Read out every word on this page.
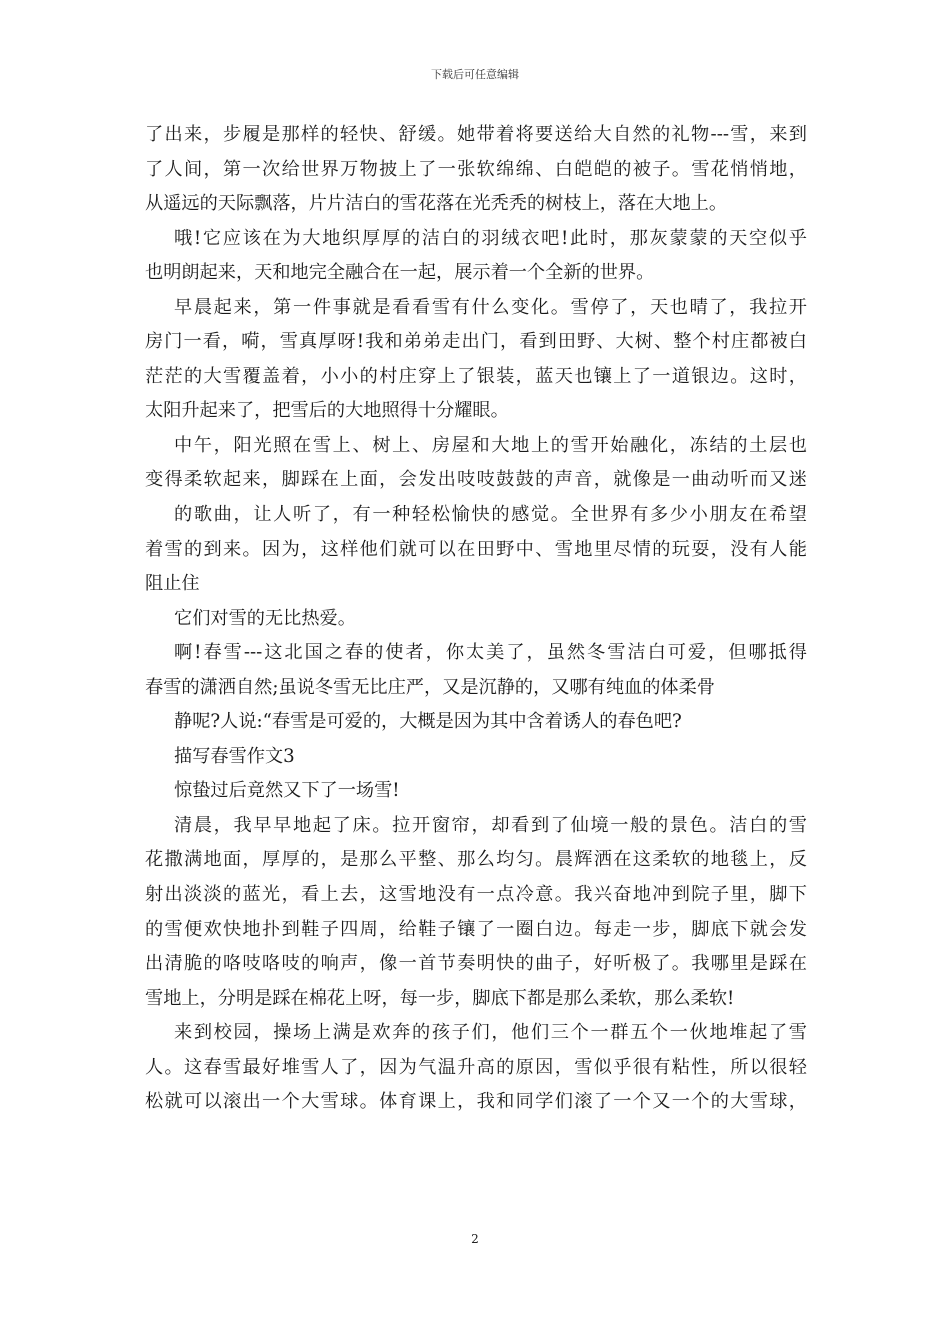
下载后可任意编辑
了出来，步履是那样的轻快、舒缓。她带着将要送给大自然的礼物---雪，来到
了人间，第一次给世界万物披上了一张软绵绵、白皑皑的被子。雪花悄悄地，
从遥远的天际飘落，片片洁白的雪花落在光秃秃的树枝上，落在大地上。
哦!它应该在为大地织厚厚的洁白的羽绒衣吧!此时，那灰蒙蒙的天空似乎
也明朗起来，天和地完全融合在一起，展示着一个全新的世界。
早晨起来，第一件事就是看看雪有什么变化。雪停了，天也晴了，我拉开
房门一看，嗬，雪真厚呀!我和弟弟走出门，看到田野、大树、整个村庄都被白
茫茫的大雪覆盖着，小小的村庄穿上了银装，蓝天也镶上了一道银边。这时，
太阳升起来了，把雪后的大地照得十分耀眼。
中午，阳光照在雪上、树上、房屋和大地上的雪开始融化，冻结的土层也
变得柔软起来，脚踩在上面，会发出吱吱鼓鼓的声音，就像是一曲动听而又迷
的歌曲，让人听了，有一种轻松愉快的感觉。全世界有多少小朋友在希望
着雪的到来。因为，这样他们就可以在田野中、雪地里尽情的玩耍，没有人能
阻止住
它们对雪的无比热爱。
啊!春雪---这北国之春的使者，你太美了，虽然冬雪洁白可爱，但哪抵得
春雪的潇洒自然;虽说冬雪无比庄严，又是沉静的，又哪有纯血的体柔骨
静呢?人说:“春雪是可爱的，大概是因为其中含着诱人的春色吧?
描写春雪作文3
惊蛰过后竟然又下了一场雪!
清晨，我早早地起了床。拉开窗帘，却看到了仙境一般的景色。洁白的雪
花撒满地面，厚厚的，是那么平整、那么均匀。晨辉洒在这柔软的地毯上，反
射出淡淡的蓝光，看上去，这雪地没有一点冷意。我兴奋地冲到院子里，脚下
的雪便欢快地扑到鞋子四周，给鞋子镶了一圈白边。每走一步，脚底下就会发
出清脆的咯吱咯吱的响声，像一首节奏明快的曲子，好听极了。我哪里是踩在
雪地上，分明是踩在棉花上呀，每一步，脚底下都是那么柔软，那么柔软!
来到校园，操场上满是欢奔的孩子们，他们三个一群五个一伙地堆起了雪
人。这春雪最好堆雪人了，因为气温升高的原因，雪似乎很有粘性，所以很轻
松就可以滚出一个大雪球。体育课上，我和同学们滚了一个又一个的大雪球，
2
